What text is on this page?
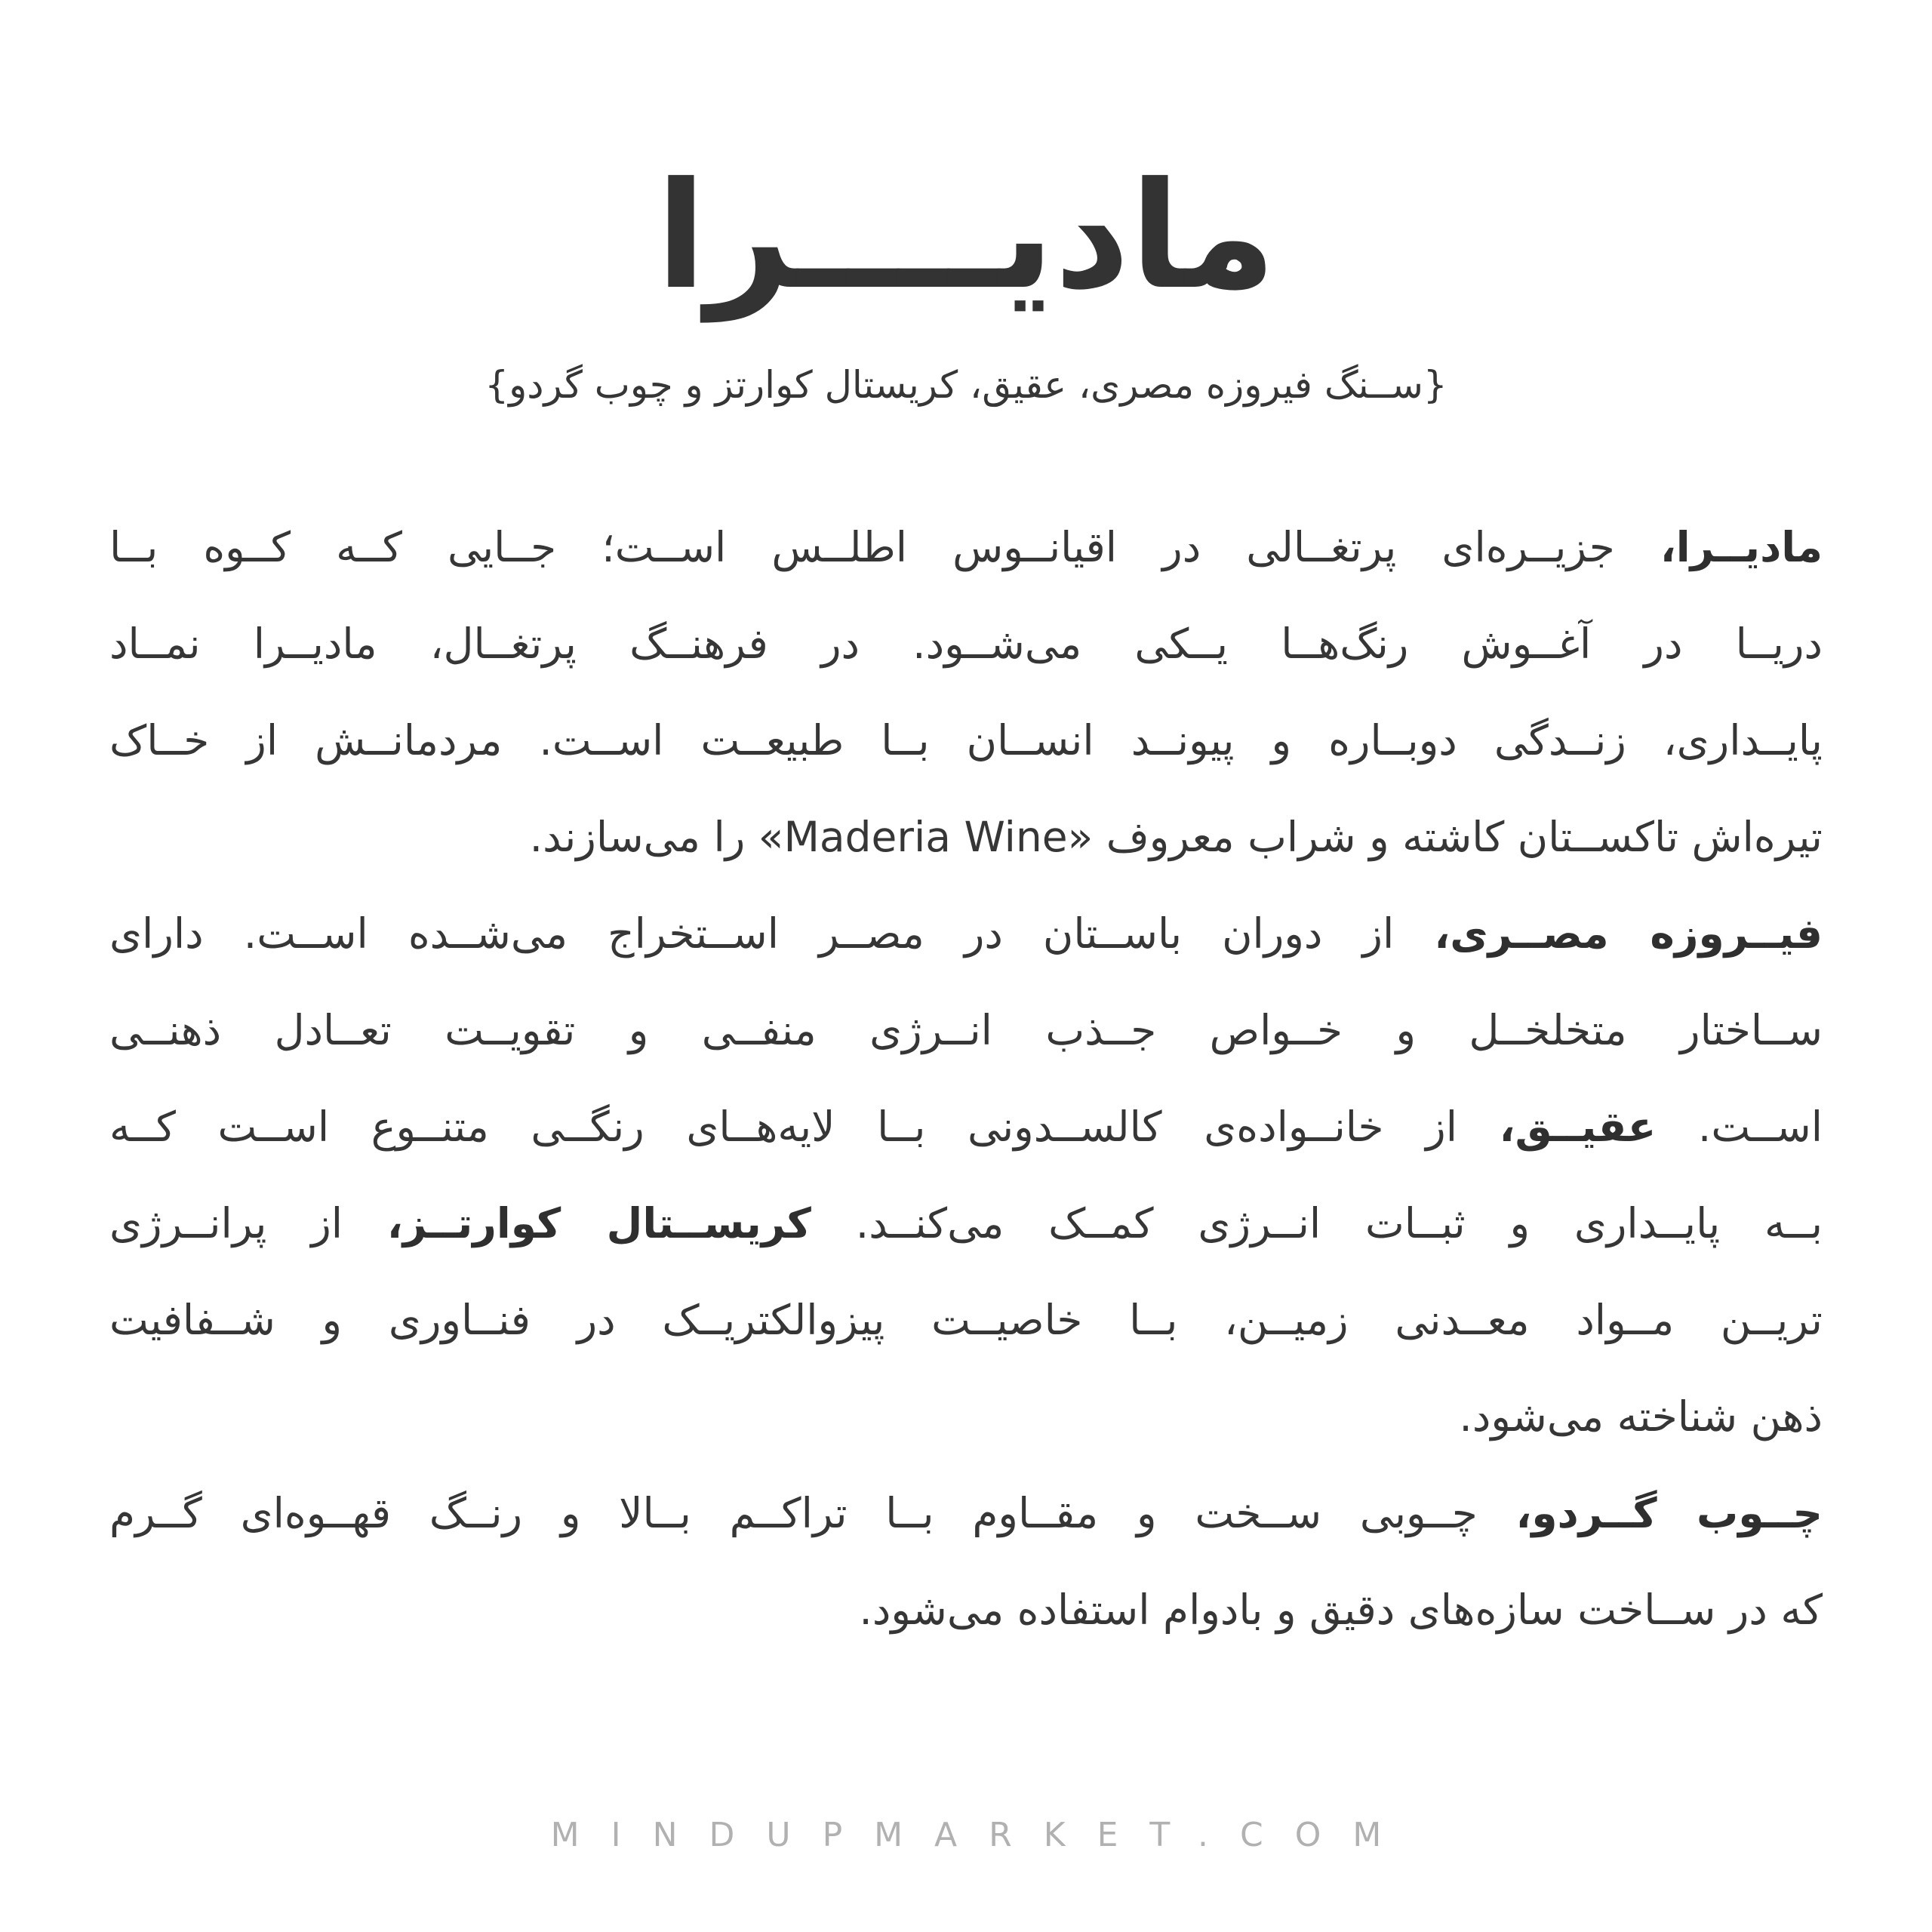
مادیــــرا
{ســنگ فیروزه مصری، عقیق، کریستال کوارتز و چوب گردو}
مادیــرا، جزیــره‌ای پرتغــالی در اقیانــوس اطلــس اســت؛ جــایی کــه کــوه بــا
دریــا در آغــوش رنگ‌هــا یــکی می‌شــود. در فرهنــگ پرتغــال، مادیــرا نمــاد
پایــداری، زنــدگی دوبــاره و پیونــد انســان بــا طبیعــت اســت. مردمانــش از خــاک
تیره‌اش تاکســتان کاشته و شراب معروف «Maderia Wine» را می‌سازند.
فیــروزه مصــری، از دوران باســتان در مصــر اســتخراج می‌شــده اســت. دارای
ســاختار متخلخــل و خــواص جــذب انــرژی منفــی و تقویــت تعــادل ذهنــی
اســت. عقیــق، از خانــواده‌ی کالســدونی بــا لایه‌هــای رنگــی متنــوع اســت کــه
بــه پایــداری و ثبــات انــرژی کمــک می‌کنــد. کریســتال کوارتــز، از پرانــرژی
تریــن مــواد معــدنی زمیــن، بــا خاصیــت پیزوالکتریــک در فنــاوری و شــفافیت
ذهن شناخته می‌شود.
چــوب گــردو، چــوبی ســخت و مقــاوم بــا تراکــم بــالا و رنــگ قهــوه‌ای گــرم
که در ســاخت سازه‌های دقیق و بادوام استفاده می‌شود.
MINDUPMARKET.COM
